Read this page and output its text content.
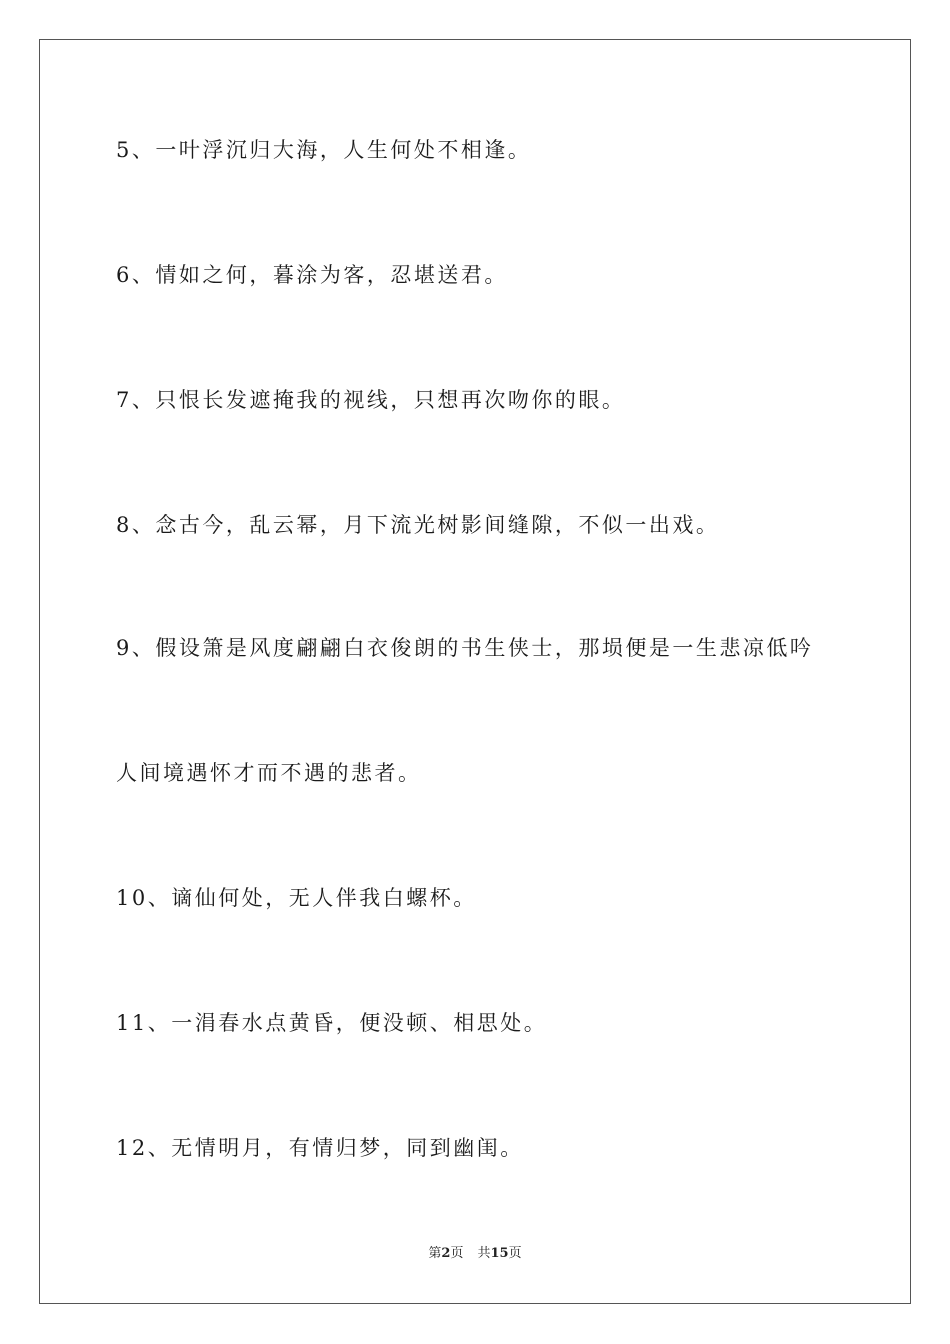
5、一叶浮沉归大海，人生何处不相逢。
6、情如之何，暮涂为客，忍堪送君。
7、只恨长发遮掩我的视线，只想再次吻你的眼。
8、念古今，乱云幂，月下流光树影间缝隙，不似一出戏。
9、假设箫是风度翩翩白衣俊朗的书生侠士，那埙便是一生悲凉低吟
人间境遇怀才而不遇的悲者。
10、谪仙何处，无人伴我白螺杯。
11、一涓春水点黄昏，便没顿、相思处。
12、无情明月，有情归梦，同到幽闺。
第2页 共15页
